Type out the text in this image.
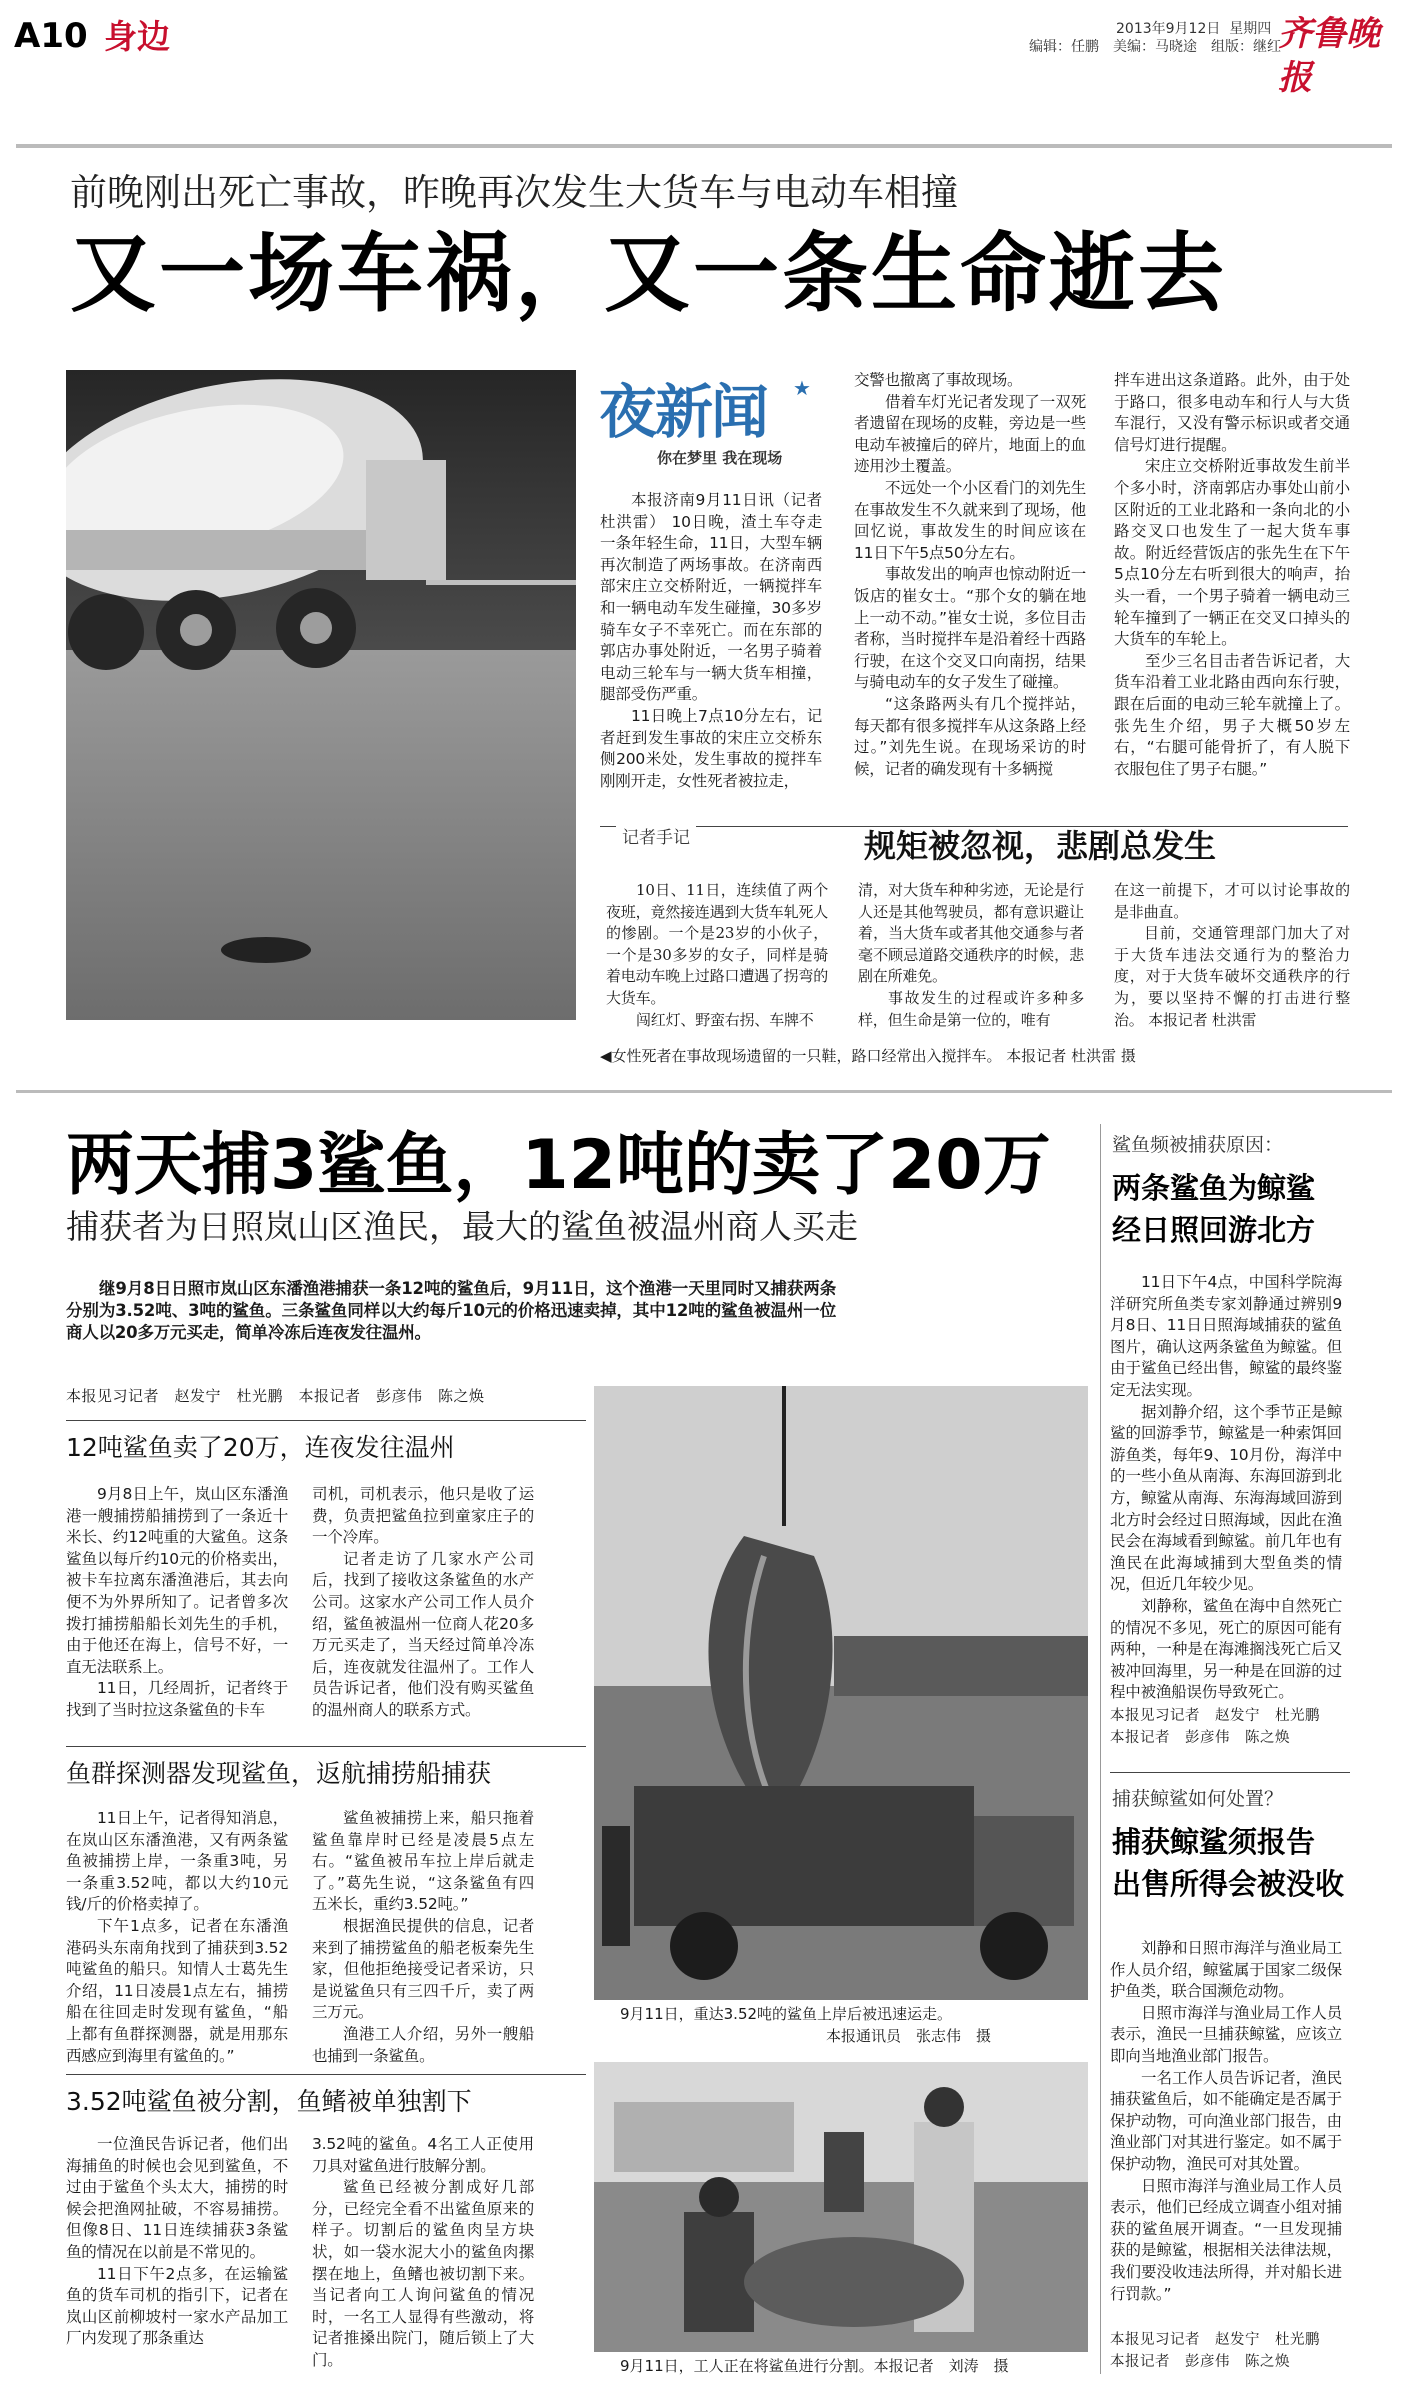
A10 身边	2013年9月12日 星期四
编辑：任鹏　美编：马晓途　组版：继红
齐鲁晚报
前晚刚出死亡事故，昨晚再次发生大货车与电动车相撞
又一场车祸，又一条生命逝去
夜新闻 ★
你在梦里 我在现场

本报济南9月11日讯（记者 杜洪雷） 10日晚，渣土车夺走一条年轻生命，11日，大型车辆再次制造了两场事故。在济南西部宋庄立交桥附近，一辆搅拌车和一辆电动车发生碰撞，30多岁骑车女子不幸死亡。而在东部的郭店办事处附近，一名男子骑着电动三轮车与一辆大货车相撞，腿部受伤严重。

11日晚上7点10分左右，记者赶到发生事故的宋庄立交桥东侧200米处，发生事故的搅拌车刚刚开走，女性死者被拉走，

交警也撤离了事故现场。

借着车灯光记者发现了一双死者遗留在现场的皮鞋，旁边是一些电动车被撞后的碎片，地面上的血迹用沙土覆盖。

不远处一个小区看门的刘先生在事故发生不久就来到了现场，他回忆说，事故发生的时间应该在11日下午5点50分左右。

事故发出的响声也惊动附近一饭店的崔女士。“那个女的躺在地上一动不动。”崔女士说，多位目击者称，当时搅拌车是沿着经十西路行驶，在这个交叉口向南拐，结果与骑电动车的女子发生了碰撞。

“这条路两头有几个搅拌站，每天都有很多搅拌车从这条路上经过。”刘先生说。在现场采访的时候，记者的确发现有十多辆搅

拌车进出这条道路。此外，由于处于路口，很多电动车和行人与大货车混行，又没有警示标识或者交通信号灯进行提醒。

宋庄立交桥附近事故发生前半个多小时，济南郭店办事处山前小区附近的工业北路和一条向北的小路交叉口也发生了一起大货车事故。附近经营饭店的张先生在下午5点10分左右听到很大的响声，抬头一看，一个男子骑着一辆电动三轮车撞到了一辆正在交叉口掉头的大货车的车轮上。

至少三名目击者告诉记者，大货车沿着工业北路由西向东行驶，跟在后面的电动三轮车就撞上了。张先生介绍，男子大概50岁左右，“右腿可能骨折了，有人脱下衣服包住了男子右腿。”

记者手记	规矩被忽视，悲剧总发生

10日、11日，连续值了两个夜班，竟然接连遇到大货车轧死人的惨剧。一个是23岁的小伙子，一个是30多岁的女子，同样是骑着电动车晚上过路口遭遇了拐弯的大货车。

闯红灯、野蛮右拐、车牌不

清，对大货车种种劣迹，无论是行人还是其他驾驶员，都有意识避让着，当大货车或者其他交通参与者毫不顾忌道路交通秩序的时候，悲剧在所难免。

事故发生的过程或许多种多样，但生命是第一位的，唯有

在这一前提下，才可以讨论事故的是非曲直。

目前，交通管理部门加大了对于大货车违法交通行为的整治力度，对于大货车破坏交通秩序的行为，要以坚持不懈的打击进行整治。 本报记者 杜洪雷

◀女性死者在事故现场遗留的一只鞋，路口经常出入搅拌车。 本报记者 杜洪雷 摄
两天捕3鲨鱼，12吨的卖了20万
捕获者为日照岚山区渔民，最大的鲨鱼被温州商人买走
继9月8日日照市岚山区东潘渔港捕获一条12吨的鲨鱼后，9月11日，这个渔港一天里同时又捕获两条分别为3.52吨、3吨的鲨鱼。三条鲨鱼同样以大约每斤10元的价格迅速卖掉，其中12吨的鲨鱼被温州一位商人以20多万元买走，简单冷冻后连夜发往温州。
本报见习记者　赵发宁　杜光鹏　本报记者　彭彦伟　陈之焕
12吨鲨鱼卖了20万，连夜发往温州

9月8日上午，岚山区东潘渔港一艘捕捞船捕捞到了一条近十米长、约12吨重的大鲨鱼。这条鲨鱼以每斤约10元的价格卖出，被卡车拉离东潘渔港后，其去向便不为外界所知了。记者曾多次拨打捕捞船船长刘先生的手机，由于他还在海上，信号不好，一直无法联系上。

11日，几经周折，记者终于找到了当时拉这条鲨鱼的卡车

司机，司机表示，他只是收了运费，负责把鲨鱼拉到童家庄子的一个冷库。

记者走访了几家水产公司后，找到了接收这条鲨鱼的水产公司。这家水产公司工作人员介绍，鲨鱼被温州一位商人花20多万元买走了，当天经过简单冷冻后，连夜就发往温州了。工作人员告诉记者，他们没有购买鲨鱼的温州商人的联系方式。

鱼群探测器发现鲨鱼，返航捕捞船捕获

11日上午，记者得知消息，在岚山区东潘渔港，又有两条鲨鱼被捕捞上岸，一条重3吨，另一条重3.52吨，都以大约10元钱/斤的价格卖掉了。

下午1点多，记者在东潘渔港码头东南角找到了捕获到3.52吨鲨鱼的船只。知情人士葛先生介绍，11日凌晨1点左右，捕捞船在往回走时发现有鲨鱼，“船上都有鱼群探测器，就是用那东西感应到海里有鲨鱼的。”

鲨鱼被捕捞上来，船只拖着鲨鱼靠岸时已经是凌晨5点左右。“鲨鱼被吊车拉上岸后就走了。”葛先生说，“这条鲨鱼有四五米长，重约3.52吨。”

根据渔民提供的信息，记者来到了捕捞鲨鱼的船老板秦先生家，但他拒绝接受记者采访，只是说鲨鱼只有三四千斤，卖了两三万元。

渔港工人介绍，另外一艘船也捕到一条鲨鱼。

3.52吨鲨鱼被分割，鱼鳍被单独割下

一位渔民告诉记者，他们出海捕鱼的时候也会见到鲨鱼，不过由于鲨鱼个头太大，捕捞的时候会把渔网扯破，不容易捕捞。但像8日、11日连续捕获3条鲨鱼的情况在以前是不常见的。

11日下午2点多，在运输鲨鱼的货车司机的指引下，记者在岚山区前柳坡村一家水产品加工厂内发现了那条重达

3.52吨的鲨鱼。4名工人正使用刀具对鲨鱼进行肢解分割。

鲨鱼已经被分割成好几部分，已经完全看不出鲨鱼原来的样子。切割后的鲨鱼肉呈方块状，如一袋水泥大小的鲨鱼肉摞摆在地上，鱼鳍也被切割下来。当记者向工人询问鲨鱼的情况时，一名工人显得有些激动，将记者推搡出院门，随后锁上了大门。

9月11日，重达3.52吨的鲨鱼上岸后被迅速运走。
本报通讯员　张志伟　摄
9月11日，工人正在将鲨鱼进行分割。本报记者　刘涛　摄
鲨鱼频被捕获原因：
两条鲨鱼为鲸鲨
经日照回游北方

11日下午4点，中国科学院海洋研究所鱼类专家刘静通过辨别9月8日、11日日照海域捕获的鲨鱼图片，确认这两条鲨鱼为鲸鲨。但由于鲨鱼已经出售，鲸鲨的最终鉴定无法实现。

据刘静介绍，这个季节正是鲸鲨的回游季节，鲸鲨是一种索饵回游鱼类，每年9、10月份，海洋中的一些小鱼从南海、东海回游到北方，鲸鲨从南海、东海海域回游到北方时会经过日照海域，因此在渔民会在海域看到鲸鲨。前几年也有渔民在此海域捕到大型鱼类的情况，但近几年较少见。

刘静称，鲨鱼在海中自然死亡的情况不多见，死亡的原因可能有两种，一种是在海滩搁浅死亡后又被冲回海里，另一种是在回游的过程中被渔船误伤导致死亡。

本报见习记者　赵发宁　杜光鹏
本报记者　彭彦伟　陈之焕
捕获鲸鲨如何处置？
捕获鲸鲨须报告
出售所得会被没收

刘静和日照市海洋与渔业局工作人员介绍，鲸鲨属于国家二级保护鱼类，联合国濒危动物。

日照市海洋与渔业局工作人员表示，渔民一旦捕获鲸鲨，应该立即向当地渔业部门报告。

一名工作人员告诉记者，渔民捕获鲨鱼后，如不能确定是否属于保护动物，可向渔业部门报告，由渔业部门对其进行鉴定。如不属于保护动物，渔民可对其处置。

日照市海洋与渔业局工作人员表示，他们已经成立调查小组对捕获的鲨鱼展开调查。“一旦发现捕获的是鲸鲨，根据相关法律法规，我们要没收违法所得，并对船长进行罚款。”

本报见习记者　赵发宁　杜光鹏
本报记者　彭彦伟　陈之焕
